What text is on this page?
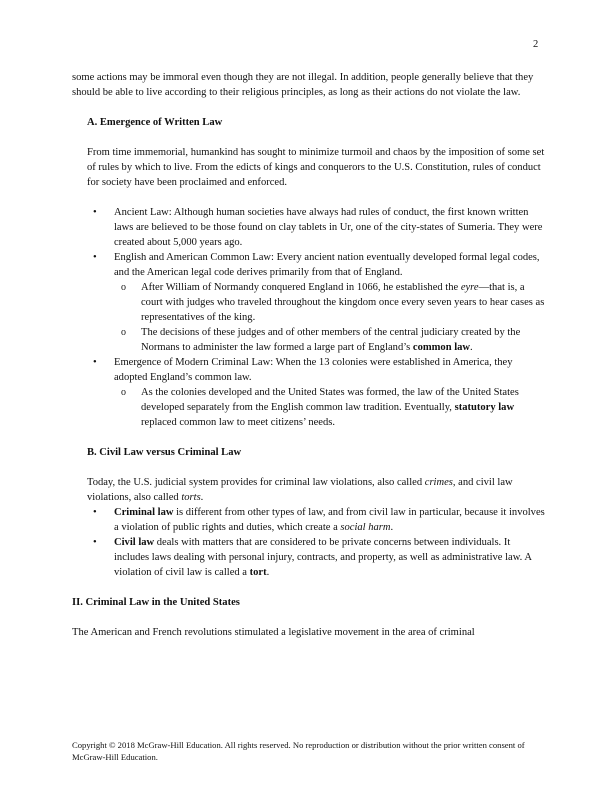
2

some actions may be immoral even though they are not illegal. In addition, people generally believe that they should be able to live according to their religious principles, as long as their actions do not violate the law.

A. Emergence of Written Law

From time immemorial, humankind has sought to minimize turmoil and chaos by the imposition of some set of rules by which to live. From the edicts of kings and conquerors to the U.S. Constitution, rules of conduct for society have been proclaimed and enforced.

• Ancient Law: Although human societies have always had rules of conduct, the first known written laws are believed to be those found on clay tablets in Ur, one of the city-states of Sumeria. They were created about 5,000 years ago.
• English and American Common Law: Every ancient nation eventually developed formal legal codes, and the American legal code derives primarily from that of England.
o After William of Normandy conquered England in 1066, he established the eyre—that is, a court with judges who traveled throughout the kingdom once every seven years to hear cases as representatives of the king.
o The decisions of these judges and of other members of the central judiciary created by the Normans to administer the law formed a large part of England’s common law.
• Emergence of Modern Criminal Law: When the 13 colonies were established in America, they adopted England’s common law.
o As the colonies developed and the United States was formed, the law of the United States developed separately from the English common law tradition. Eventually, statutory law replaced common law to meet citizens’ needs.

B. Civil Law versus Criminal Law

Today, the U.S. judicial system provides for criminal law violations, also called crimes, and civil law violations, also called torts.

• Criminal law is different from other types of law, and from civil law in particular, because it involves a violation of public rights and duties, which create a social harm.
• Civil law deals with matters that are considered to be private concerns between individuals. It includes laws dealing with personal injury, contracts, and property, as well as administrative law. A violation of civil law is called a tort.

II. Criminal Law in the United States

The American and French revolutions stimulated a legislative movement in the area of criminal

Copyright © 2018 McGraw-Hill Education. All rights reserved. No reproduction or distribution without the prior written consent of McGraw-Hill Education.
